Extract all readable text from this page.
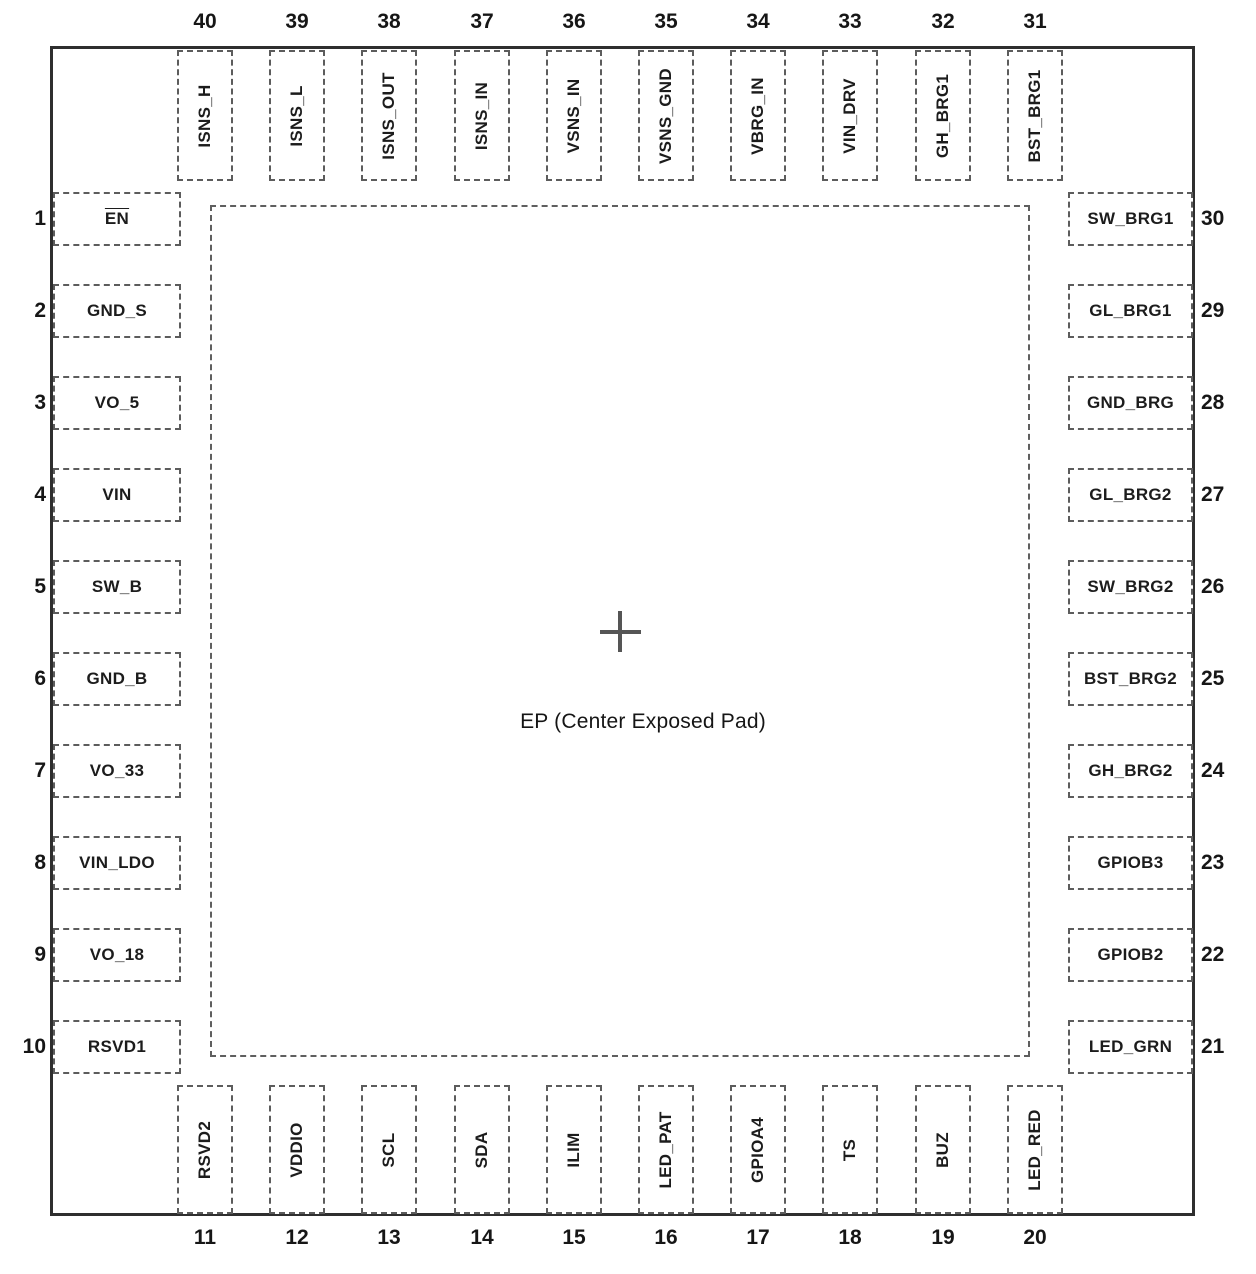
EP (Center Exposed Pad)
ISNS_H
40
ISNS_L
39
ISNS_OUT
38
ISNS_IN
37
VSNS_IN
36
VSNS_GND
35
VBRG_IN
34
VIN_DRV
33
GH_BRG1
32
BST_BRG1
31
$\overline{EN}$
1
GND_S
2
VO_5
3
VIN
4
SW_B
5
GND_B
6
VO_33
7
VIN_LDO
8
VO_18
9
RSVD1
10
SW_BRG1 30
GL_BRG1 29
GND_BRG 28
GL_BRG2 27
SW_BRG2 26
BST_BRG2 25
GH_BRG2 24
GPIOB3 23
GPIOB2 22
LED_GRN 21
RSVD2
11
VDDIO
12
SCL
13
SDA
14
ILIM
15
LED_PAT
16
GPIOA4
17
TS
18
BUZ
19
LED_RED
20
